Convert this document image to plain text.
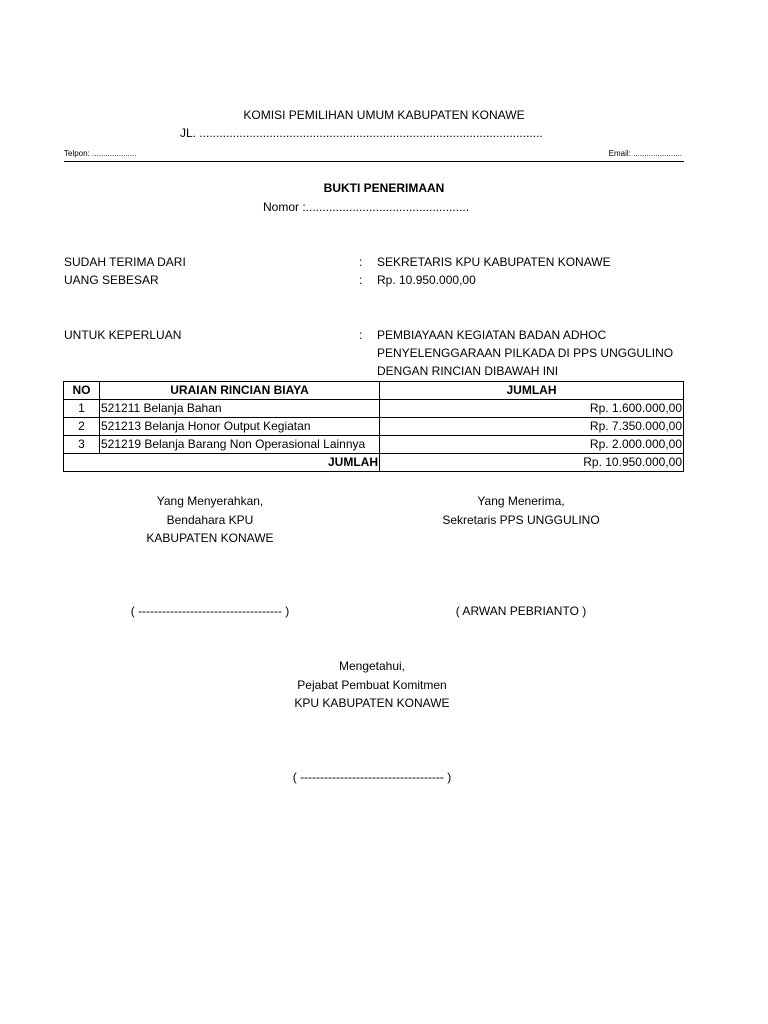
KOMISI PEMILIHAN UMUM KABUPATEN KONAWE
JL. .......................................................................................................
Telpon: ....................	Email: ......................
BUKTI PENERIMAAN
Nomor :.................................................
SUDAH TERIMA DARI	: SEKRETARIS KPU KABUPATEN KONAWE
UANG SEBESAR	: Rp. 10.950.000,00
UNTUK KEPERLUAN	: PEMBIAYAAN KEGIATAN BADAN ADHOC
PENYELENGGARAAN PILKADA DI PPS UNGGULINO
DENGAN RINCIAN DIBAWAH INI
NO	URAIAN RINCIAN BIAYA	JUMLAH
1	521211 Belanja Bahan	Rp. 1.600.000,00
2	521213 Belanja Honor Output Kegiatan	Rp. 7.350.000,00
3	521219 Belanja Barang Non Operasional Lainnya	Rp. 2.000.000,00
JUMLAH		Rp. 10.950.000,00
Yang Menyerahkan,
Bendahara KPU
KABUPATEN KONAWE
( ------------------------------------ )
Yang Menerima,
Sekretaris PPS UNGGULINO
( ARWAN PEBRIANTO )
Mengetahui,
Pejabat Pembuat Komitmen
KPU KABUPATEN KONAWE
( ------------------------------------ )
